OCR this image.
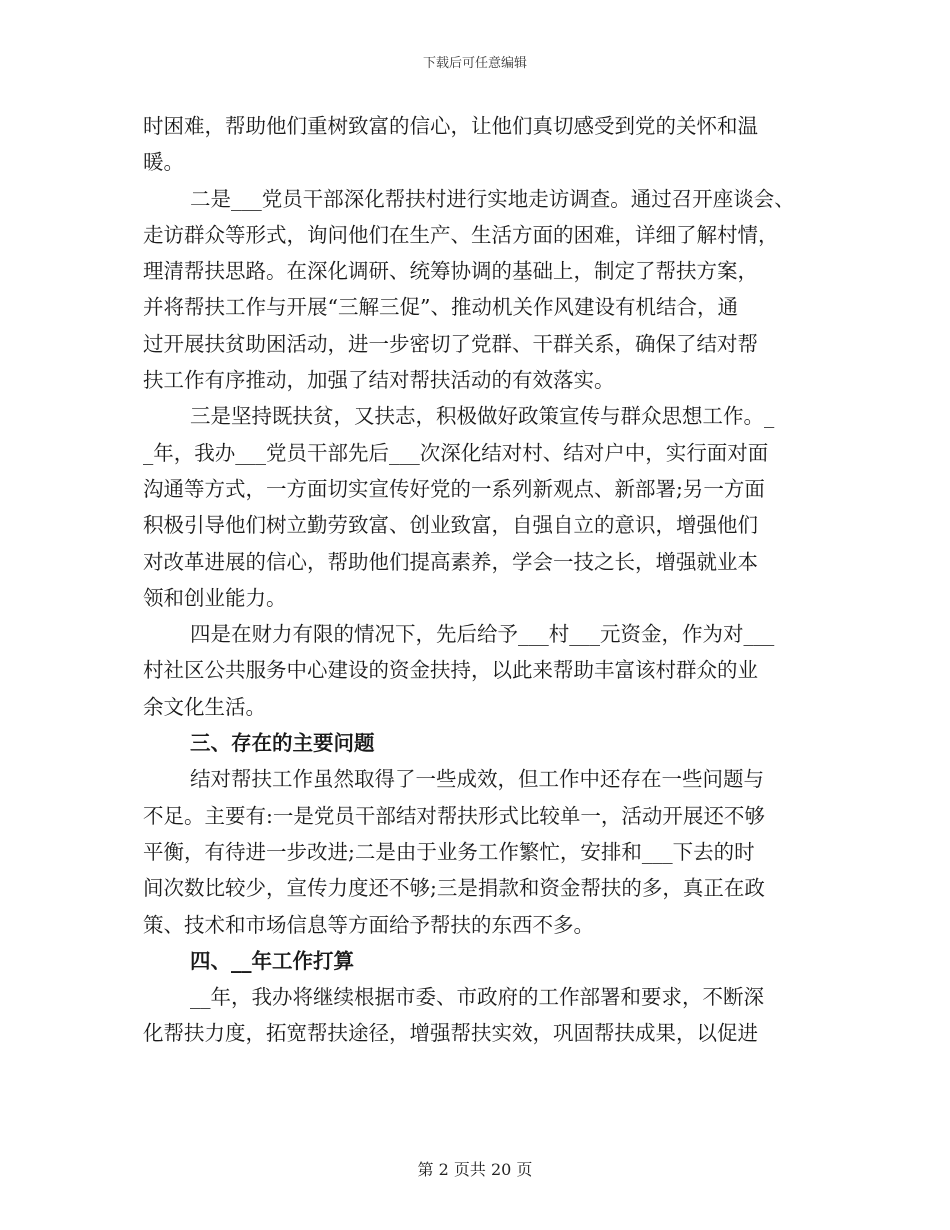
下载后可任意编辑
时困难，帮助他们重树致富的信心，让他们真切感受到党的关怀和温
暖。
二是___党员干部深化帮扶村进行实地走访调查。通过召开座谈会、
走访群众等形式，询问他们在生产、生活方面的困难，详细了解村情，
理清帮扶思路。在深化调研、统筹协调的基础上，制定了帮扶方案，
并将帮扶工作与开展“三解三促”、推动机关作风建设有机结合，通
过开展扶贫助困活动，进一步密切了党群、干群关系，确保了结对帮
扶工作有序推动，加强了结对帮扶活动的有效落实。
三是坚持既扶贫，又扶志，积极做好政策宣传与群众思想工作。_
_年，我办___党员干部先后___次深化结对村、结对户中，实行面对面
沟通等方式，一方面切实宣传好党的一系列新观点、新部署;另一方面
积极引导他们树立勤劳致富、创业致富，自强自立的意识，增强他们
对改革进展的信心，帮助他们提高素养，学会一技之长，增强就业本
领和创业能力。
四是在财力有限的情况下，先后给予___村___元资金，作为对___
村社区公共服务中心建设的资金扶持，以此来帮助丰富该村群众的业
余文化生活。
三、存在的主要问题
结对帮扶工作虽然取得了一些成效，但工作中还存在一些问题与
不足。主要有:一是党员干部结对帮扶形式比较单一，活动开展还不够
平衡，有待进一步改进;二是由于业务工作繁忙，安排和___下去的时
间次数比较少，宣传力度还不够;三是捐款和资金帮扶的多，真正在政
策、技术和市场信息等方面给予帮扶的东西不多。
四、__年工作打算
__年，我办将继续根据市委、市政府的工作部署和要求，不断深
化帮扶力度，拓宽帮扶途径，增强帮扶实效，巩固帮扶成果，以促进
第 2 页共 20 页
